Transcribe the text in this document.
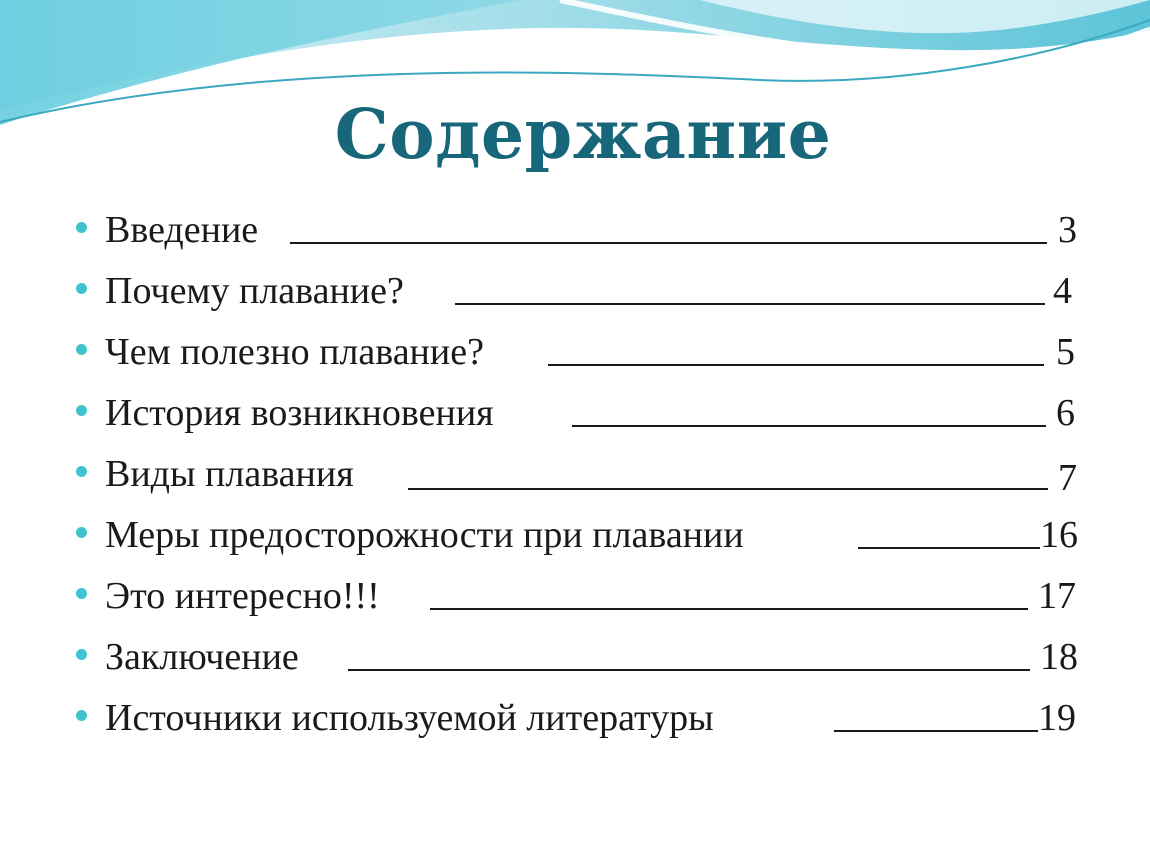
Содержание
Введение	3
Почему плавание?	4
Чем полезно плавание?	5
История возникновения	6
Виды плавания	7
Меры предосторожности при плавании	16
Это интересно!!!	17
Заключение	18
Источники используемой литературы	19
